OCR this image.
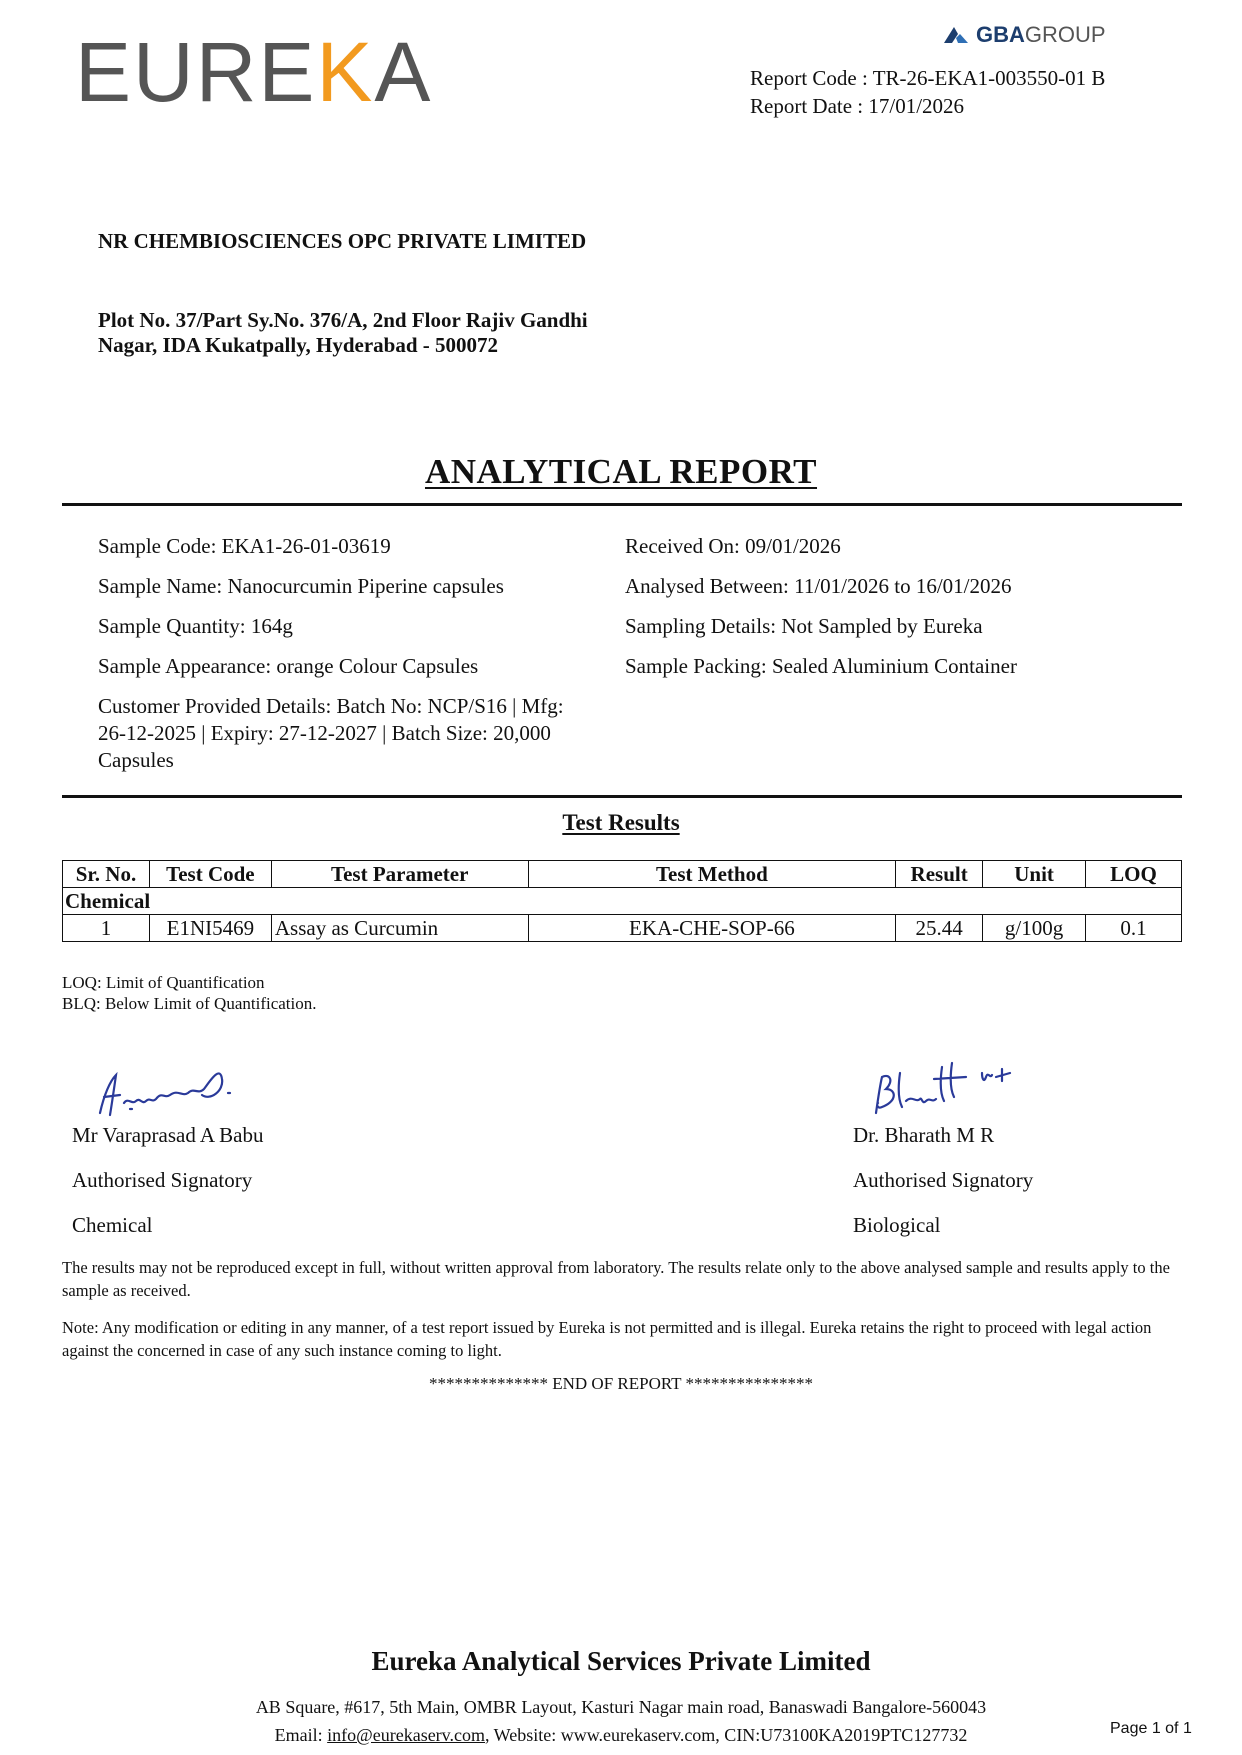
EUREKA	GBAGROUP
Report Code : TR-26-EKA1-003550-01 B
Report Date : 17/01/2026
NR CHEMBIOSCIENCES OPC PRIVATE LIMITED
Plot No. 37/Part Sy.No. 376/A, 2nd Floor Rajiv Gandhi Nagar, IDA Kukatpally, Hyderabad - 500072
ANALYTICAL REPORT
Sample Code: EKA1-26-01-03619
Sample Name: Nanocurcumin Piperine capsules
Sample Quantity: 164g
Sample Appearance: orange Colour Capsules
Customer Provided Details: Batch No: NCP/S16 | Mfg: 26-12-2025 | Expiry: 27-12-2027 | Batch Size: 20,000 Capsules
Received On: 09/01/2026
Analysed Between: 11/01/2026 to 16/01/2026
Sampling Details: Not Sampled by Eureka
Sample Packing: Sealed Aluminium Container
Test Results
Sr. No.	Test Code	Test Parameter	Test Method	Result	Unit	LOQ
Chemical						
1	E1NI5469	Assay as Curcumin	EKA-CHE-SOP-66	25.44	g/100g	0.1
LOQ: Limit of Quantification
BLQ: Below Limit of Quantification.
Mr Varaprasad A Babu
Authorised Signatory
Chemical
Dr. Bharath M R
Authorised Signatory
Biological
The results may not be reproduced except in full, without written approval from laboratory. The results relate only to the above analysed sample and results apply to the sample as received.
Note: Any modification or editing in any manner, of a test report issued by Eureka is not permitted and is illegal. Eureka retains the right to proceed with legal action against the concerned in case of any such instance coming to light.
************** END OF REPORT ***************
Eureka Analytical Services Private Limited
AB Square, #617, 5th Main, OMBR Layout, Kasturi Nagar main road, Banaswadi Bangalore-560043
Email: info@eurekaserv.com, Website: www.eurekaserv.com, CIN:U73100KA2019PTC127732	Page 1 of 1
